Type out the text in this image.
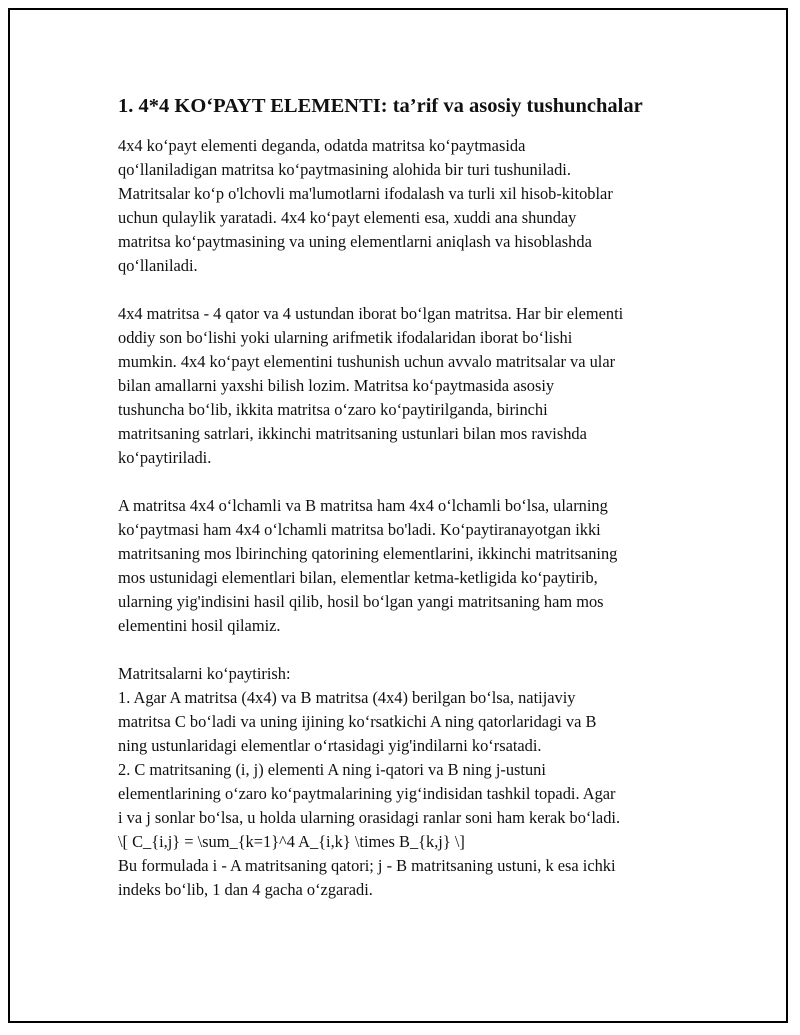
1. 4*4 KO‘PAYT ELEMENTI: ta’rif va asosiy tushunchalar
4x4 ko‘payt elementi deganda, odatda matritsa ko‘paytmasida
qo‘llaniladigan matritsa ko‘paytmasining alohida bir turi tushuniladi.
Matritsalar ko‘p o'lchovli ma'lumotlarni ifodalash va turli xil hisob-kitoblar
uchun qulaylik yaratadi. 4x4 ko‘payt elementi esa, xuddi ana shunday
matritsa ko‘paytmasining va uning elementlarni aniqlash va hisoblashda
qo‘llaniladi.
4x4 matritsa - 4 qator va 4 ustundan iborat bo‘lgan matritsa. Har bir elementi
oddiy son bo‘lishi yoki ularning arifmetik ifodalaridan iborat bo‘lishi
mumkin. 4x4 ko‘payt elementini tushunish uchun avvalo matritsalar va ular
bilan amallarni yaxshi bilish lozim. Matritsa ko‘paytmasida asosiy
tushuncha bo‘lib, ikkita matritsa o‘zaro ko‘paytirilganda, birinchi
matritsaning satrlari, ikkinchi matritsaning ustunlari bilan mos ravishda
ko‘paytiriladi.
A matritsa 4x4 o‘lchamli va B matritsa ham 4x4 o‘lchamli bo‘lsa, ularning
ko‘paytmasi ham 4x4 o‘lchamli matritsa bo'ladi. Ko‘paytiranayotgan ikki
matritsaning mos lbirinching qatorining elementlarini, ikkinchi matritsaning
mos ustunidagi elementlari bilan, elementlar ketma-ketligida ko‘paytirib,
ularning yig'indisini hasil qilib, hosil bo‘lgan yangi matritsaning ham mos
elementini hosil qilamiz.
Matritsalarni ko‘paytirish:
1. Agar A matritsa (4x4) va B matritsa (4x4) berilgan bo‘lsa, natijaviy
matritsa C bo‘ladi va uning ijining ko‘rsatkichi A ning qatorlaridagi va B
ning ustunlaridagi elementlar o‘rtasidagi yig'indilarni ko‘rsatadi.
2. C matritsaning (i, j) elementi A ning i-qatori va B ning j-ustuni
elementlarining o‘zaro ko‘paytmalarining yig‘indisidan tashkil topadi. Agar
i va j sonlar bo‘lsa, u holda ularning orasidagi ranlar soni ham kerak bo‘ladi.
\[ C_{i,j} = \sum_{k=1}^4 A_{i,k} \times B_{k,j} \]
Bu formulada i - A matritsaning qatori; j - B matritsaning ustuni, k esa ichki
indeks bo‘lib, 1 dan 4 gacha o‘zgaradi.
